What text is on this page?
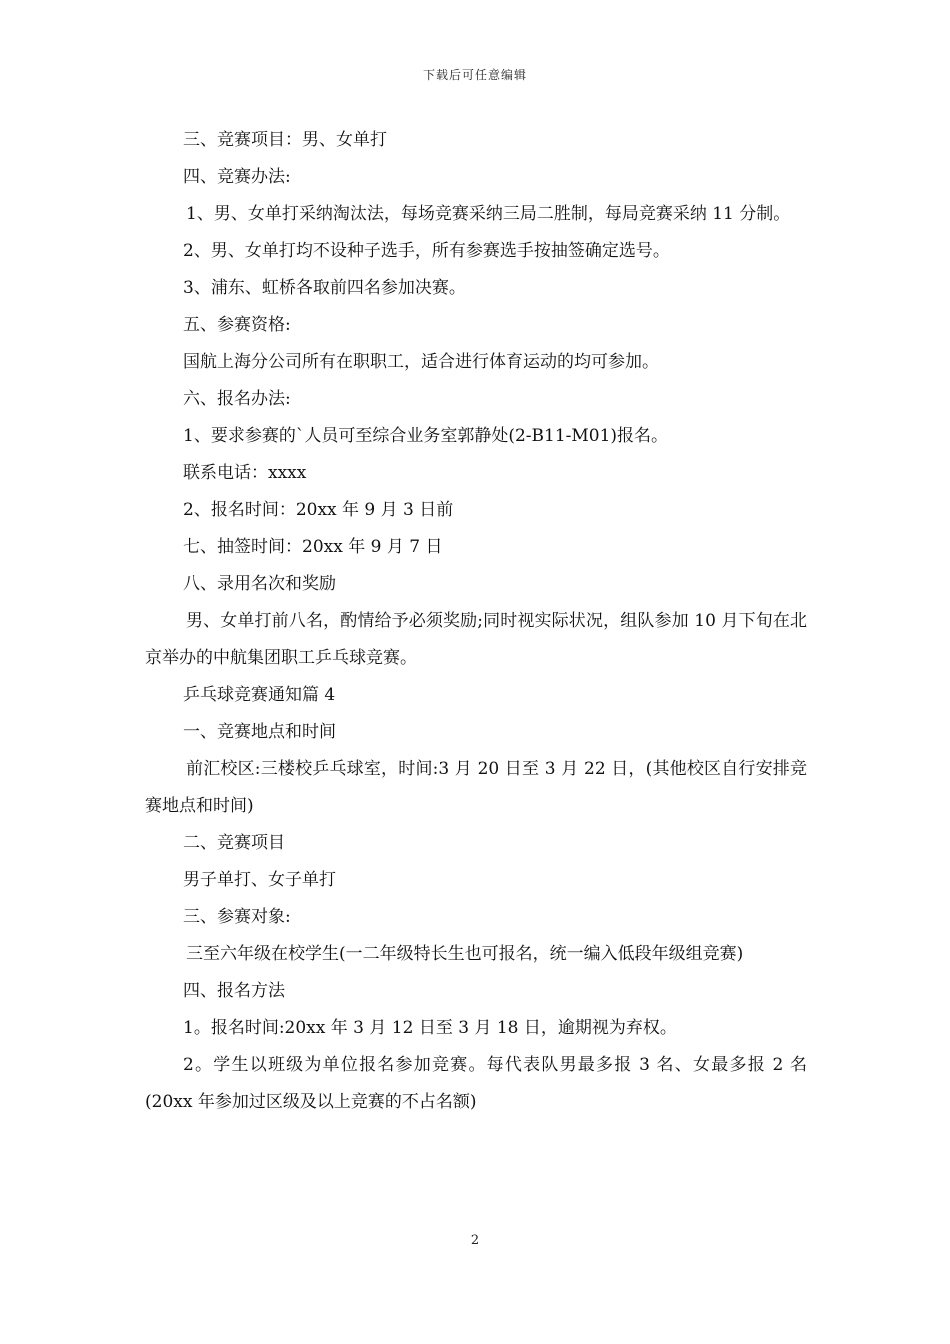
下载后可任意编辑

三、竞赛项目：男、女单打

四、竞赛办法:

1、男、女单打采纳淘汰法，每场竞赛采纳三局二胜制，每局竞赛采纳 11 分制。

2、男、女单打均不设种子选手，所有参赛选手按抽签确定选号。

3、浦东、虹桥各取前四名参加决赛。

五、参赛资格:

国航上海分公司所有在职职工，适合进行体育运动的均可参加。

六、报名办法:

1、要求参赛的`人员可至综合业务室郭静处(2-B11-M01)报名。

联系电话：xxxx

2、报名时间：20xx 年 9 月 3 日前

七、抽签时间：20xx 年 9 月 7 日

八、录用名次和奖励

男、女单打前八名，酌情给予必须奖励;同时视实际状况，组队参加 10 月下旬在北京举办的中航集团职工乒乓球竞赛。

乒乓球竞赛通知篇 4

一、竞赛地点和时间

前汇校区:三楼校乒乓球室，时间:3 月 20 日至 3 月 22 日，(其他校区自行安排竞赛地点和时间)

二、竞赛项目

男子单打、女子单打

三、参赛对象:

三至六年级在校学生(一二年级特长生也可报名，统一编入低段年级组竞赛)

四、报名方法

1。报名时间:20xx 年 3 月 12 日至 3 月 18 日，逾期视为弃权。

2。学生以班级为单位报名参加竞赛。每代表队男最多报 3 名、女最多报 2 名(20xx 年参加过区级及以上竞赛的不占名额)

2
